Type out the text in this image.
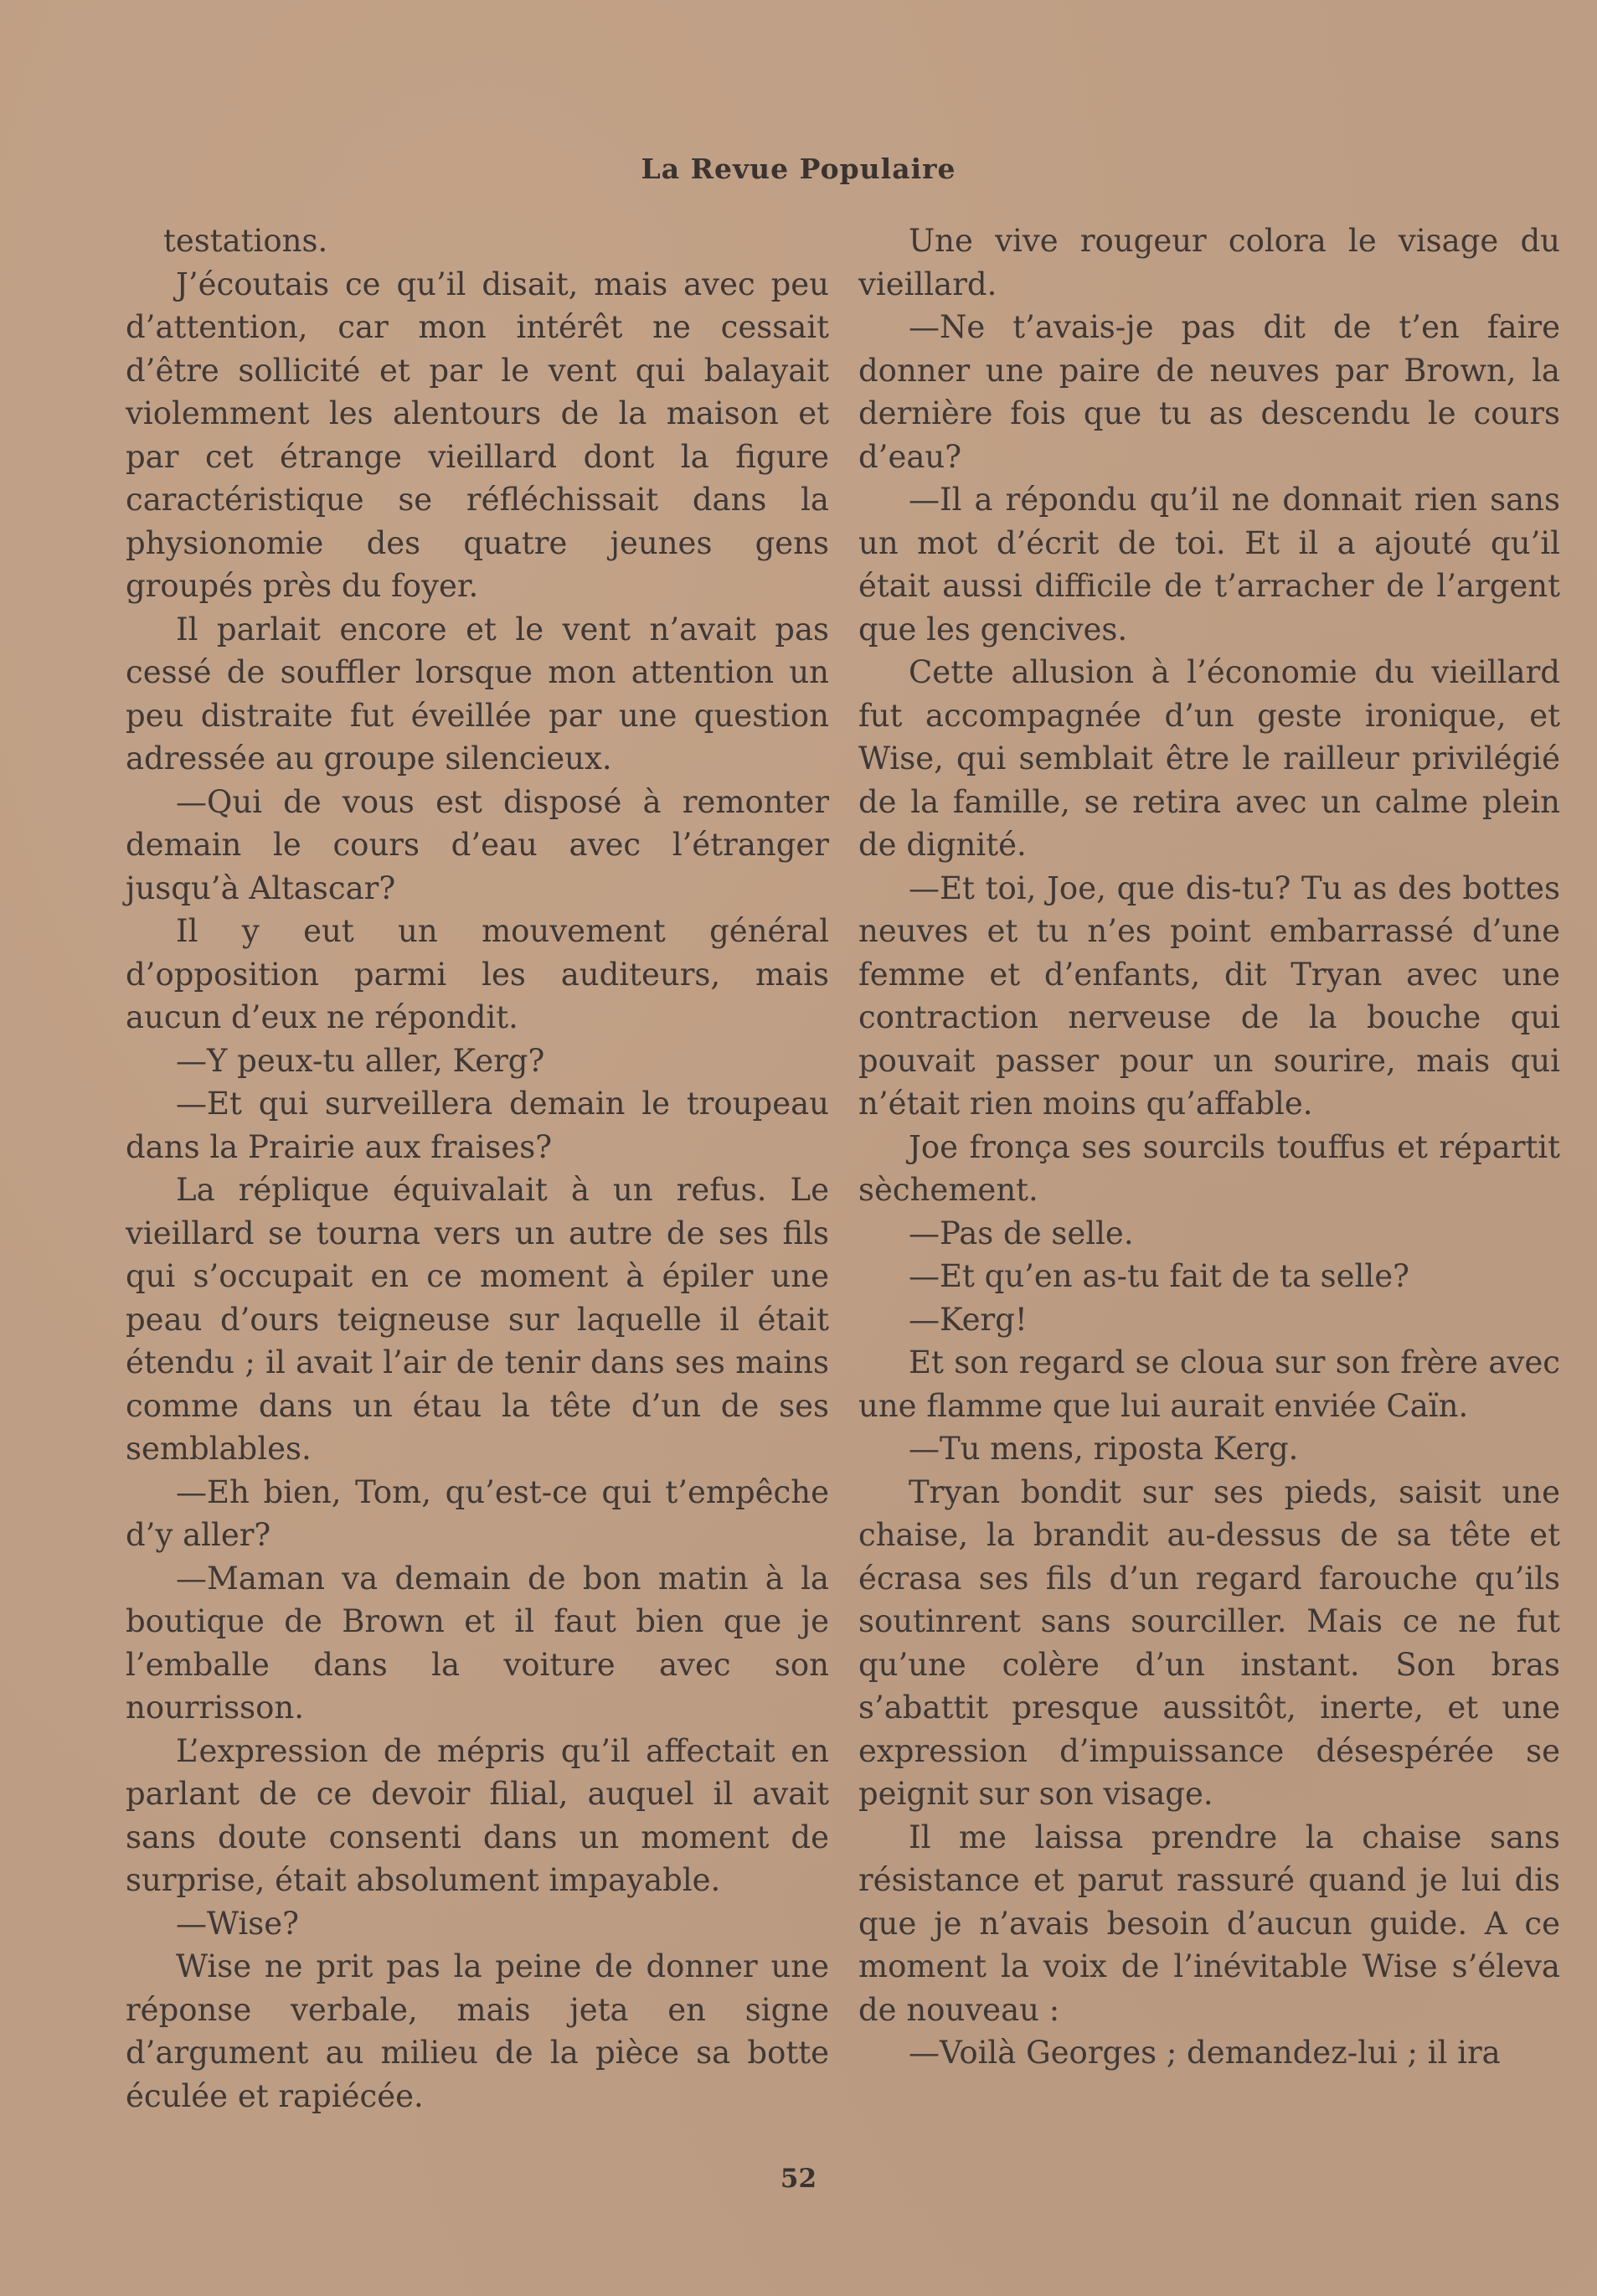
La Revue Populaire

testations.

J’écoutais ce qu’il disait, mais avec peu d’attention, car mon intérêt ne cessait d’être sollicité et par le vent qui balayait violemment les alentours de la maison et par cet étrange vieillard dont la figure caractéristique se réfléchissait dans la physionomie des quatre jeunes gens groupés près du foyer.

Il parlait encore et le vent n’avait pas cessé de souffler lorsque mon attention un peu distraite fut éveillée par une question adressée au groupe silencieux.

—Qui de vous est disposé à remonter demain le cours d’eau avec l’étranger jusqu’à Altascar?

Il y eut un mouvement général d’opposition parmi les auditeurs, mais aucun d’eux ne répondit.

—Y peux-tu aller, Kerg?

—Et qui surveillera demain le troupeau dans la Prairie aux fraises?

La réplique équivalait à un refus. Le vieillard se tourna vers un autre de ses fils qui s’occupait en ce moment à épiler une peau d’ours teigneuse sur laquelle il était étendu ; il avait l’air de tenir dans ses mains comme dans un étau la tête d’un de ses semblables.

—Eh bien, Tom, qu’est-ce qui t’empêche d’y aller?

—Maman va demain de bon matin à la boutique de Brown et il faut bien que je l’emballe dans la voiture avec son nourrisson.

L’expression de mépris qu’il affectait en parlant de ce devoir filial, auquel il avait sans doute consenti dans un moment de surprise, était absolument impayable.

—Wise?

Wise ne prit pas la peine de donner une réponse verbale, mais jeta en signe d’argument au milieu de la pièce sa botte éculée et rapiécée.

Une vive rougeur colora le visage du vieillard.

—Ne t’avais-je pas dit de t’en faire donner une paire de neuves par Brown, la dernière fois que tu as descendu le cours d’eau?

—Il a répondu qu’il ne donnait rien sans un mot d’écrit de toi. Et il a ajouté qu’il était aussi difficile de t’arracher de l’argent que les gencives.

Cette allusion à l’économie du vieillard fut accompagnée d’un geste ironique, et Wise, qui semblait être le railleur privilégié de la famille, se retira avec un calme plein de dignité.

—Et toi, Joe, que dis-tu? Tu as des bottes neuves et tu n’es point embarrassé d’une femme et d’enfants, dit Tryan avec une contraction nerveuse de la bouche qui pouvait passer pour un sourire, mais qui n’était rien moins qu’affable.

Joe fronça ses sourcils touffus et répartit sèchement.

—Pas de selle.

—Et qu’en as-tu fait de ta selle?

—Kerg!

Et son regard se cloua sur son frère avec une flamme que lui aurait enviée Caïn.

—Tu mens, riposta Kerg.

Tryan bondit sur ses pieds, saisit une chaise, la brandit au-dessus de sa tête et écrasa ses fils d’un regard farouche qu’ils soutinrent sans sourciller. Mais ce ne fut qu’une colère d’un instant. Son bras s’abattit presque aussitôt, inerte, et une expression d’impuissance désespérée se peignit sur son visage.

Il me laissa prendre la chaise sans résistance et parut rassuré quand je lui dis que je n’avais besoin d’aucun guide. A ce moment la voix de l’inévitable Wise s’éleva de nouveau :

—Voilà Georges ; demandez-lui ; il ira

52
